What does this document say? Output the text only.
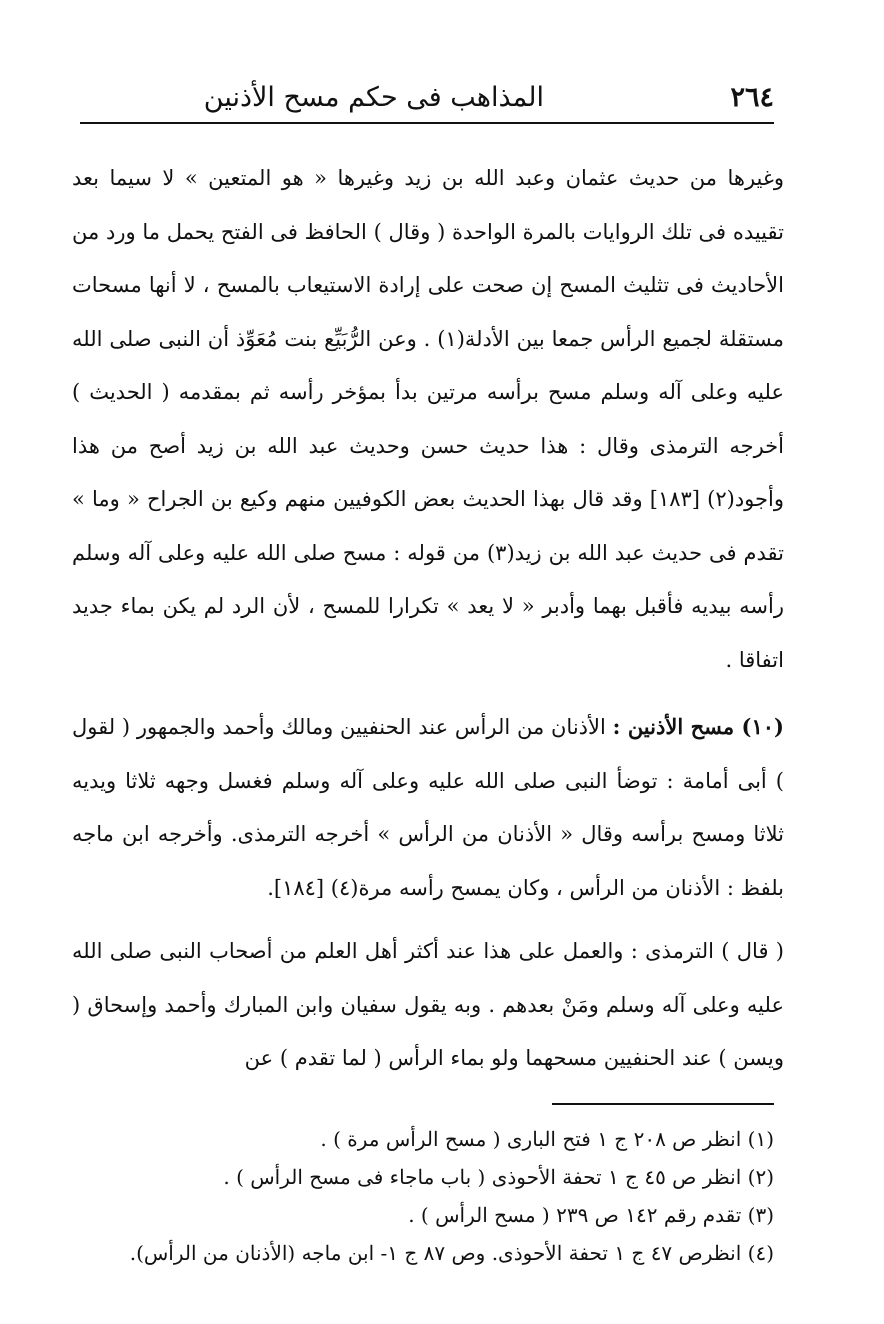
٢٦٤
المذاهب فى حكم مسح الأذنين

وغيرها من حديث عثمان وعبد الله بن زيد وغيرها « هو المتعين » لا سيما بعد تقييده فى تلك الروايات بالمرة الواحدة ( وقال ) الحافظ فى الفتح يحمل ما ورد من الأحاديث فى تثليث المسح إن صحت على إرادة الاستيعاب بالمسح ، لا أنها مسحات مستقلة لجميع الرأس جمعا بين الأدلة(١) . وعن الرُّبَيِّع بنت مُعَوِّذ أن النبى صلى الله عليه وعلى آله وسلم مسح برأسه مرتين بدأ بمؤخر رأسه ثم بمقدمه ( الحديث ) أخرجه الترمذى وقال : هذا حديث حسن وحديث عبد الله بن زيد أصح من هذا وأجود(٢) [١٨٣] وقد قال بهذا الحديث بعض الكوفيين منهم وكيع بن الجراح « وما » تقدم فى حديث عبد الله بن زيد(٣) من قوله : مسح صلى الله عليه وعلى آله وسلم رأسه بيديه فأقبل بهما وأدبر « لا يعد » تكرارا للمسح ، لأن الرد لم يكن بماء جديد اتفاقا .

(١٠) مسح الأذنين : الأذنان من الرأس عند الحنفيين ومالك وأحمد والجمهور ( لقول ) أبى أمامة : توضأ النبى صلى الله عليه وعلى آله وسلم فغسل وجهه ثلاثا ويديه ثلاثا ومسح برأسه وقال « الأذنان من الرأس » أخرجه الترمذى. وأخرجه ابن ماجه بلفظ : الأذنان من الرأس ، وكان يمسح رأسه مرة(٤) [١٨٤].

( قال ) الترمذى : والعمل على هذا عند أكثر أهل العلم من أصحاب النبى صلى الله عليه وعلى آله وسلم ومَنْ بعدهم . وبه يقول سفيان وابن المبارك وأحمد وإسحاق ( ويسن ) عند الحنفيين مسحهما ولو بماء الرأس ( لما تقدم ) عن

(١) انظر ص ٢٠٨ ج ١ فتح البارى ( مسح الرأس مرة ) .
(٢) انظر ص ٤٥ ج ١ تحفة الأحوذى ( باب ماجاء فى مسح الرأس ) .
(٣) تقدم رقم ١٤٢ ص ٢٣٩ ( مسح الرأس ) .
(٤) انظرص ٤٧ ج ١ تحفة الأحوذى. وص ٨٧ ج ١- ابن ماجه (الأذنان من الرأس).
